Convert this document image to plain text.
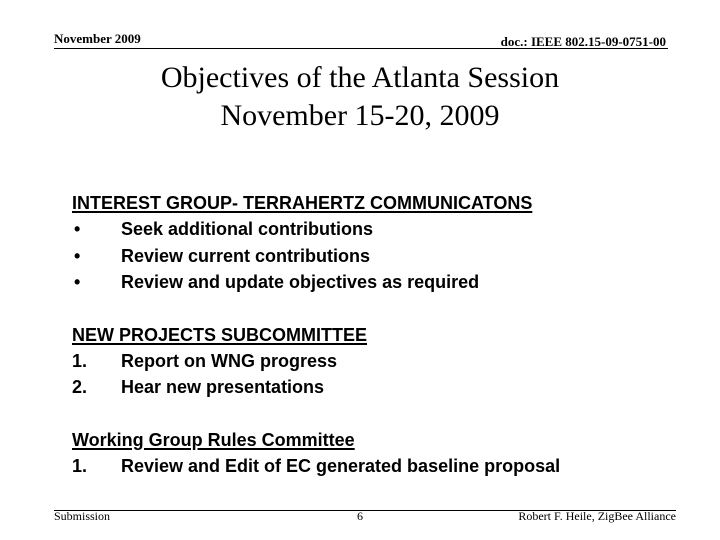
November 2009	doc.: IEEE 802.15-09-0751-00
Objectives of the Atlanta Session
November 15-20, 2009
INTEREST GROUP- TERRAHERTZ COMMUNICATONS
•	Seek additional contributions
•	Review current contributions
•	Review and update objectives as required
NEW PROJECTS SUBCOMMITTEE
1.	Report on WNG progress
2.	Hear new presentations
Working Group Rules Committee
1.	Review and Edit of EC generated baseline proposal
Submission	6	Robert F. Heile, ZigBee Alliance
